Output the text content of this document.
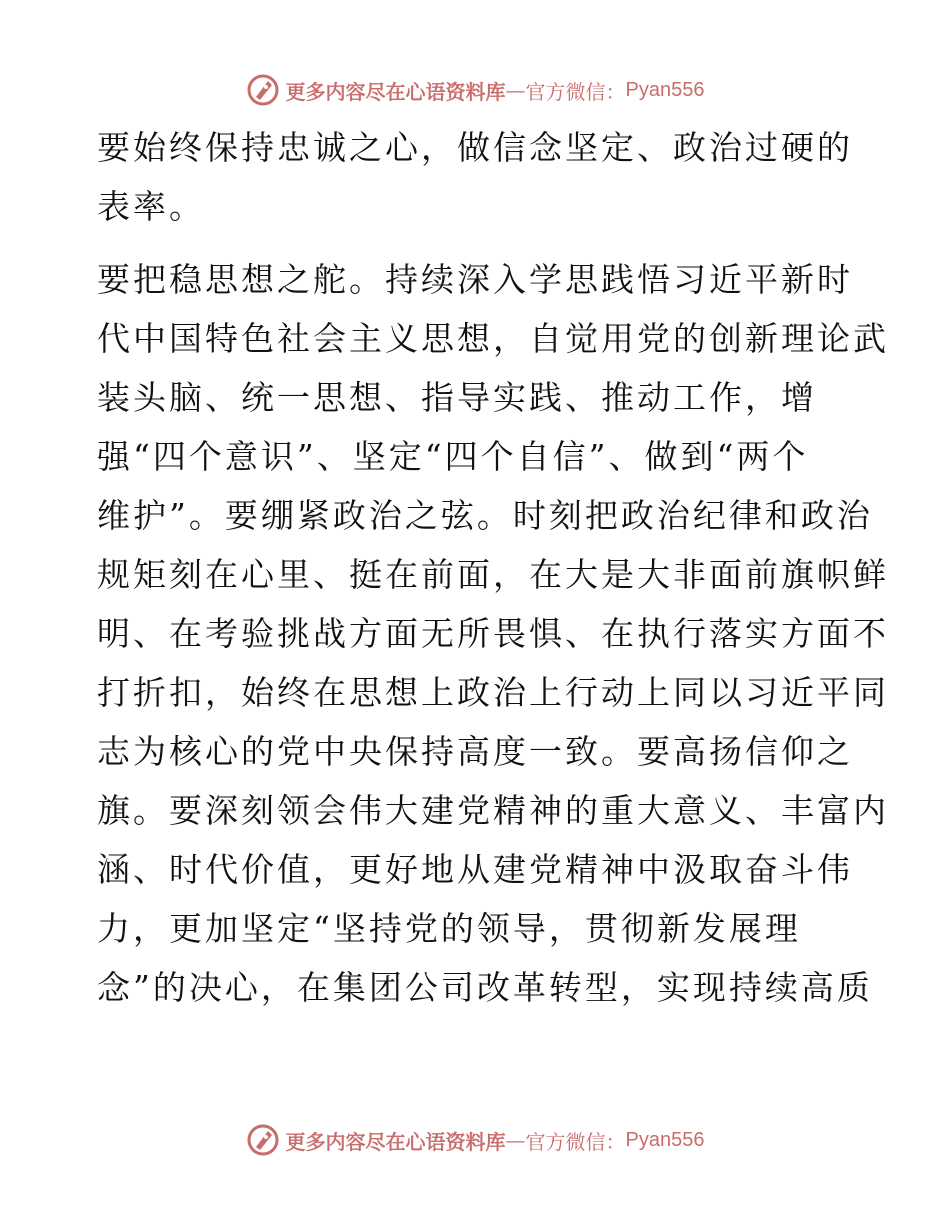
更多内容尽在心语资料库 — 官方微信： Pyan556
要始终保持忠诚之心，做信念坚定、政治过硬的
表率。
要把稳思想之舵。持续深入学思践悟习近平新时
代中国特色社会主义思想，自觉用党的创新理论武
装头脑、统一思想、指导实践、推动工作，增
强“四个意识”、坚定“四个自信”、做到“两个
维护”。要绷紧政治之弦。时刻把政治纪律和政治
规矩刻在心里、挺在前面，在大是大非面前旗帜鲜
明、在考验挑战方面无所畏惧、在执行落实方面不
打折扣，始终在思想上政治上行动上同以习近平同
志为核心的党中央保持高度一致。要高扬信仰之
旗。要深刻领会伟大建党精神的重大意义、丰富内
涵、时代价值，更好地从建党精神中汲取奋斗伟
力，更加坚定“坚持党的领导，贯彻新发展理
念”的决心，在集团公司改革转型，实现持续高质
更多内容尽在心语资料库 — 官方微信： Pyan556
